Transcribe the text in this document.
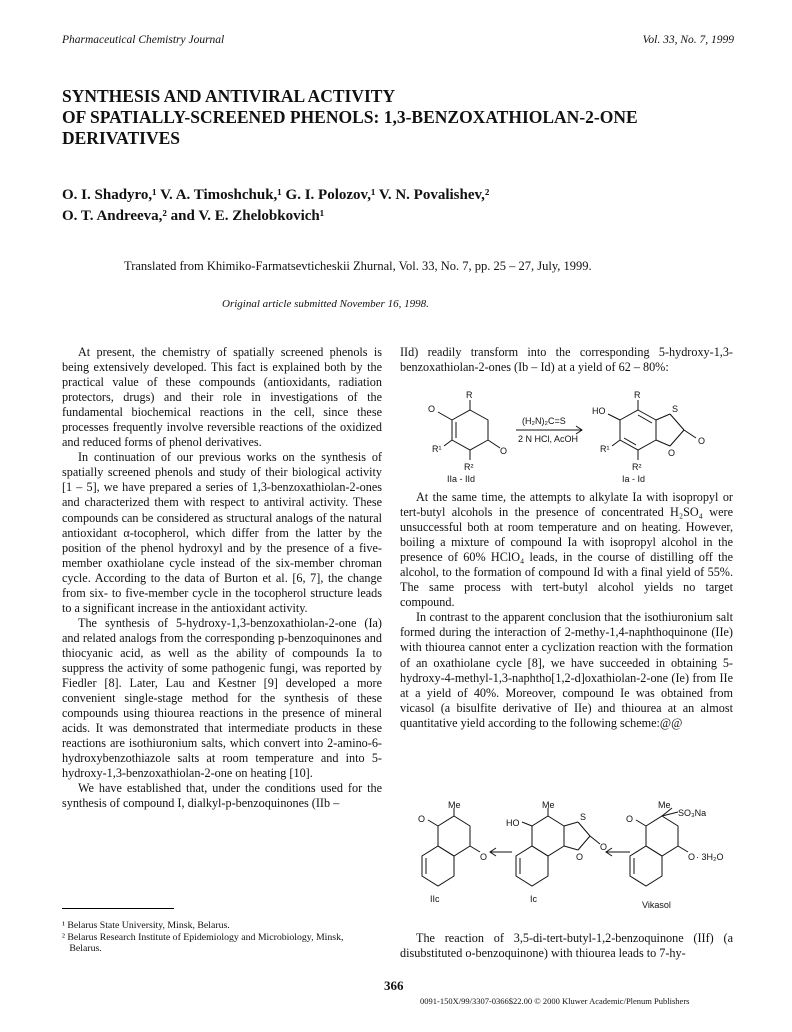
Pharmaceutical Chemistry Journal	Vol. 33, No. 7, 1999
SYNTHESIS AND ANTIVIRAL ACTIVITY
OF SPATIALLY-SCREENED PHENOLS: 1,3-BENZOXATHIOLAN-2-ONE
DERIVATIVES
O. I. Shadyro,¹ V. A. Timoshchuk,¹ G. I. Polozov,¹ V. N. Povalishev,²
O. T. Andreeva,² and V. E. Zhelobkovich¹
Translated from Khimiko-Farmatsevticheskii Zhurnal, Vol. 33, No. 7, pp. 25 – 27, July, 1999.
Original article submitted November 16, 1998.

At present, the chemistry of spatially screened phenols is being extensively developed. This fact is explained both by the practical value of these compounds (antioxidants, radiation protectors, drugs) and their role in investigations of the fundamental biochemical reactions in the cell, since these processes frequently involve reversible reactions of the oxidized and reduced forms of phenol derivatives.

In continuation of our previous works on the synthesis of spatially screened phenols and study of their biological activity [1 – 5], we have prepared a series of 1,3-benzoxathiolan-2-ones and characterized them with respect to antiviral activity. These compounds can be considered as structural analogs of the natural antioxidant α-tocopherol, which differ from the latter by the position of the phenol hydroxyl and by the presence of a five-member oxathiolane cycle instead of the six-member chroman cycle. According to the data of Burton et al. [6, 7], the change from six- to five-member cycle in the tocopherol structure leads to a significant increase in the antioxidant activity.

The synthesis of 5-hydroxy-1,3-benzoxathiolan-2-one (Ia) and related analogs from the corresponding p-benzoquinones and thiocyanic acid, as well as the ability of compounds Ia to suppress the activity of some pathogenic fungi, was reported by Fiedler [8]. Later, Lau and Kestner [9] developed a more convenient single-stage method for the synthesis of these compounds using thiourea reactions in the presence of mineral acids. It was demonstrated that intermediate products in these reactions are isothiuronium salts, which convert into 2-amino-6-hydroxybenzothiazole salts at room temperature and into 5-hydroxy-1,3-benzoxathiolan-2-one on heating [10].

We have established that, under the conditions used for the synthesis of compound I, dialkyl-p-benzoquinones (IIb –

IId) readily transform into the corresponding 5-hydroxy-1,3-benzoxathiolan-2-ones (Ib – Id) at a yield of 62 – 80%:

R
O
O
R¹
R²
(H₂N)₂C=S
2 N HCl, AcOH
R
HO	S
O
O
R¹
R²
IIa - IId	Ia - Id

At the same time, the attempts to alkylate Ia with isopropyl or tert-butyl alcohols in the presence of concentrated H₂SO₄ were unsuccessful both at room temperature and on heating. However, boiling a mixture of compound Ia with isopropyl alcohol in the presence of 60% HClO₄ leads, in the course of distilling off the alcohol, to the formation of compound Id with a final yield of 55%. The same process with tert-butyl alcohol yields no target compound.

In contrast to the apparent conclusion that the isothiuronium salt formed during the interaction of 2-methy-1,4-naphthoquinone (IIe) with thiourea cannot enter a cyclization reaction with the formation of an oxathiolane cycle [8], we have succeeded in obtaining 5-hydroxy-4-methyl-1,3-naphtho[1,2-d]oxathiolan-2-one (Ie) from IIe at a yield of 40%. Moreover, compound Ie was obtained from vicasol (a bisulfite derivative of IIe) and thiourea at an almost quantitative yield according to the following scheme:@@

Me
O
O
Me
HO
S
O
O
Me
SO₃Na
O
O · 3H₂O
IIc	Ic
Vikasol

The reaction of 3,5-di-tert-butyl-1,2-benzoquinone (IIf) (a disubstituted o-benzoquinone) with thiourea leads to 7-hy-

¹ Belarus State University, Minsk, Belarus.
² Belarus Research Institute of Epidemiology and Microbiology, Minsk,
Belarus.
366
0091-150X/99/3307-0366$22.00 © 2000 Kluwer Academic/Plenum Publishers
